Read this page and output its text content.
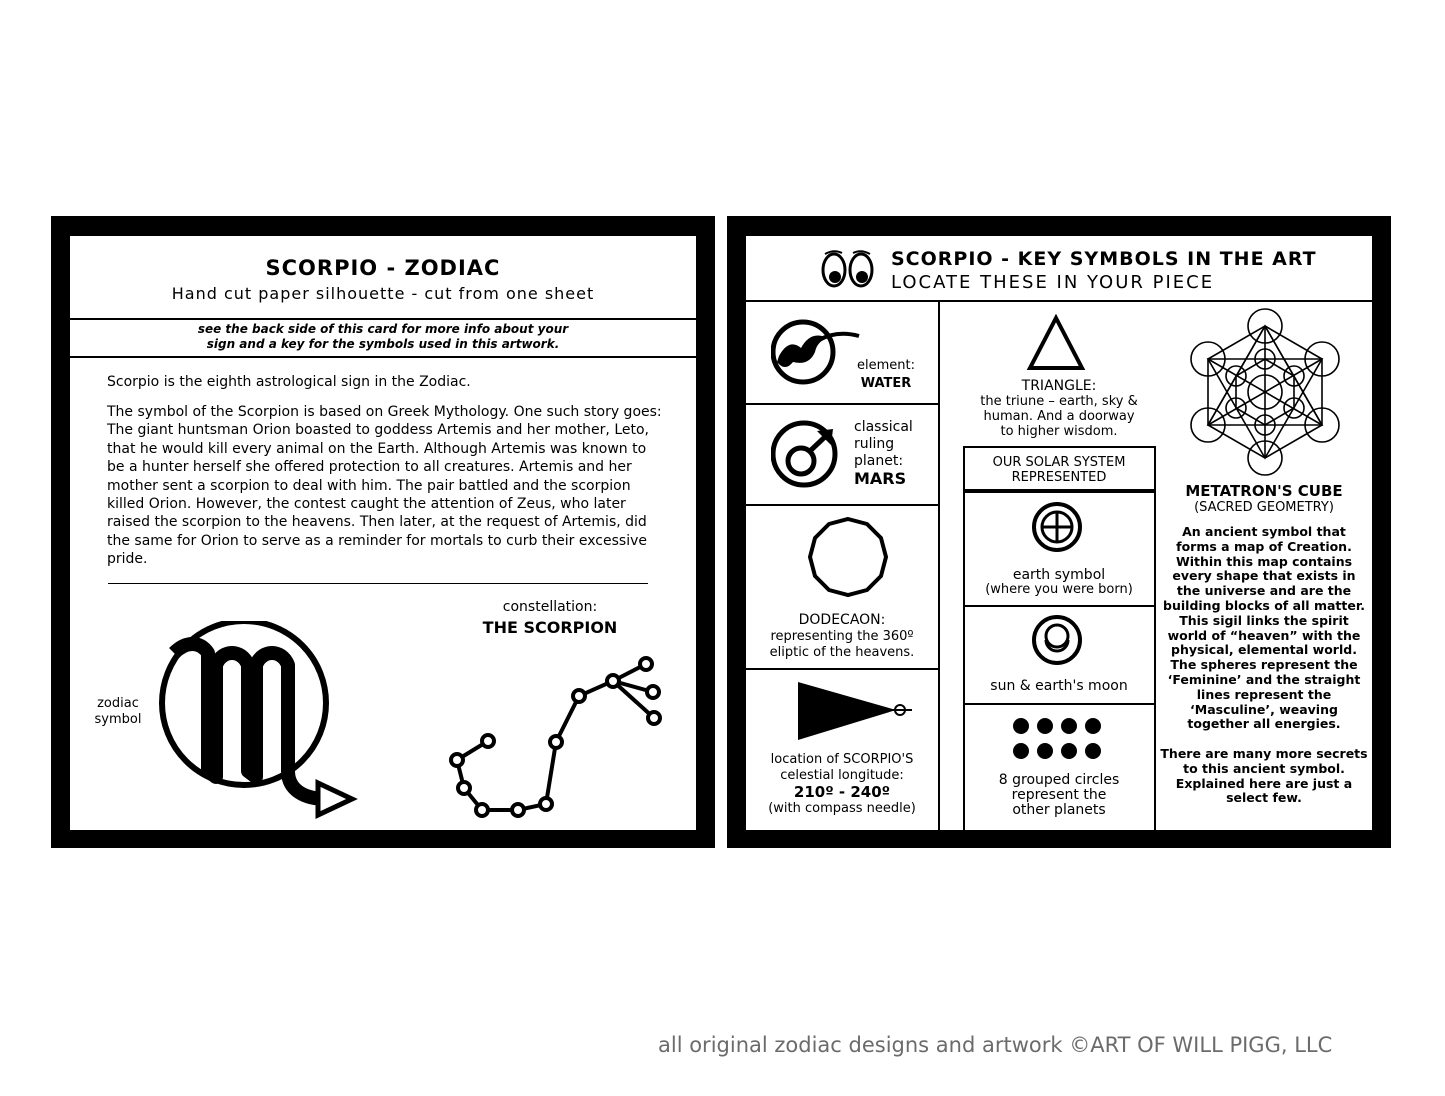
SCORPIO - ZODIAC
Hand cut paper silhouette - cut from one sheet
see the back side of this card for more info about your
sign and a key for the symbols used in this artwork.
Scorpio is the eighth astrological sign in the Zodiac.
The symbol of the Scorpion is based on Greek Mythology. One such story goes: The giant huntsman Orion boasted to goddess Artemis and her mother, Leto, that he would kill every animal on the Earth. Although Artemis was known to be a hunter herself she offered protection to all creatures. Artemis and her mother sent a scorpion to deal with him. The pair battled and the scorpion killed Orion. However, the contest caught the attention of Zeus, who later raised the scorpion to the heavens. Then later, at the request of Artemis, did the same for Orion to serve as a reminder for mortals to curb their excessive pride.
zodiac
symbol
constellation:
THE SCORPION
SCORPIO - KEY SYMBOLS IN THE ART
LOCATE THESE IN YOUR PIECE
element:
WATER
classical
ruling
planet:
MARS
DODECAON:
representing the 360º
eliptic of the heavens.
location of SCORPIO'S
celestial longitude:
210º - 240º
(with compass needle)
TRIANGLE:
the triune – earth, sky &
human. And a doorway
to higher wisdom.
OUR SOLAR SYSTEM
REPRESENTED
earth symbol
(where you were born)
sun & earth's moon
8 grouped circles
represent the
other planets
METATRON'S CUBE
(SACRED GEOMETRY)
An ancient symbol that
forms a map of Creation.
Within this map contains
every shape that exists in
the universe and are the
building blocks of all matter.
This sigil links the spirit
world of “heaven” with the
physical, elemental world.
The spheres represent the
‘Feminine’ and the straight
lines represent the
‘Masculine’, weaving
together all energies.
There are many more secrets
to this ancient symbol.
Explained here are just a
select few.
all original zodiac designs and artwork ©ART OF WILL PIGG, LLC
